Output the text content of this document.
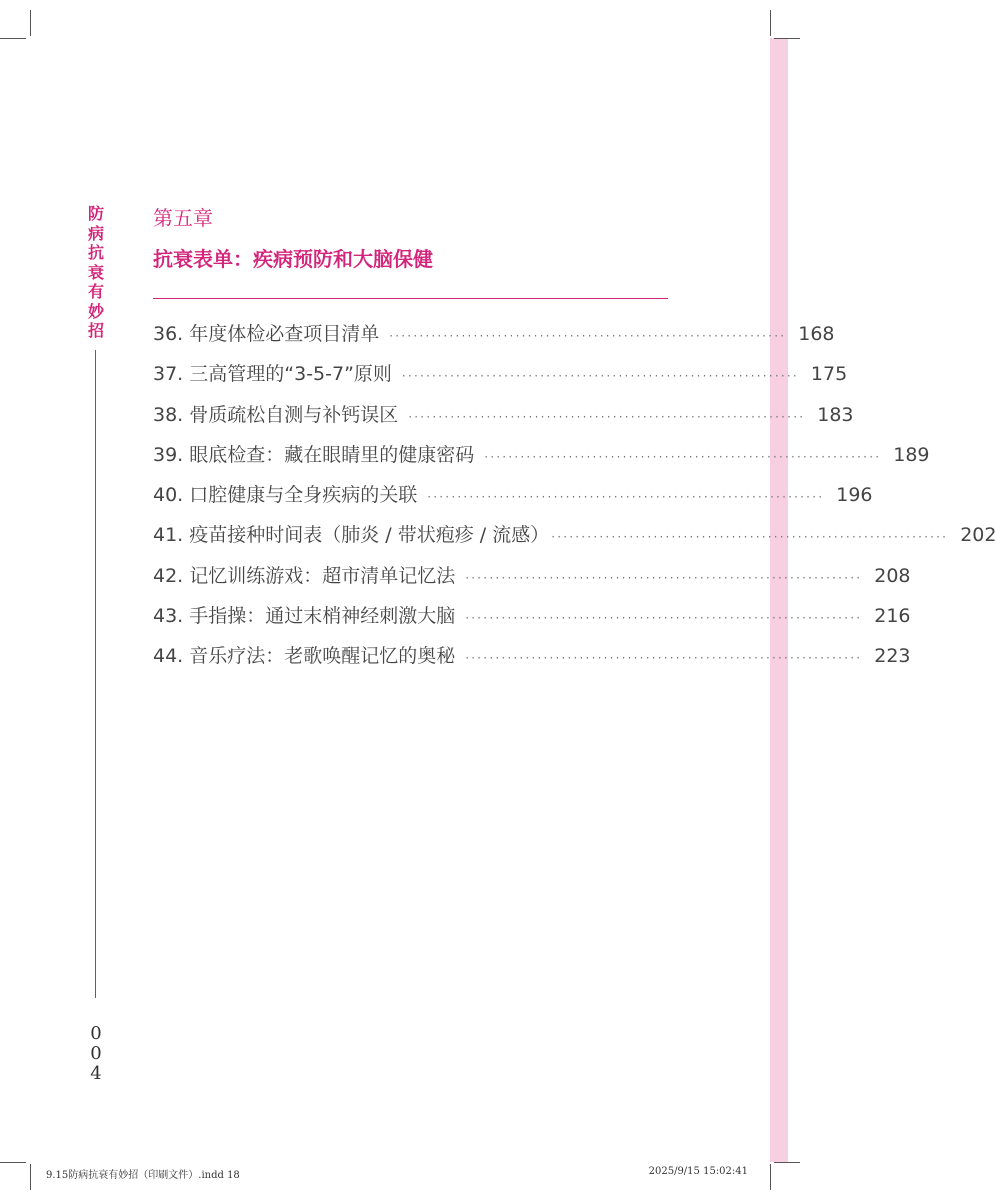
防
病
抗
衰
有
妙
招
0
0
4
第五章
抗衰表单：疾病预防和大脑保健
36. 年度体检必查项目清单 ·································································· 168
37. 三高管理的“3-5-7”原则 ·································································· 175
38. 骨质疏松自测与补钙误区 ·································································· 183
39. 眼底检查：藏在眼睛里的健康密码 ·································································· 189
40. 口腔健康与全身疾病的关联 ·································································· 196
41. 疫苗接种时间表（肺炎 / 带状疱疹 / 流感） ·································································· 202
42. 记忆训练游戏：超市清单记忆法 ·································································· 208
43. 手指操：通过末梢神经刺激大脑 ·································································· 216
44. 音乐疗法：老歌唤醒记忆的奥秘 ·································································· 223
9.15防病抗衰有妙招（印刷文件）.indd 18	2025/9/15 15:02:41
